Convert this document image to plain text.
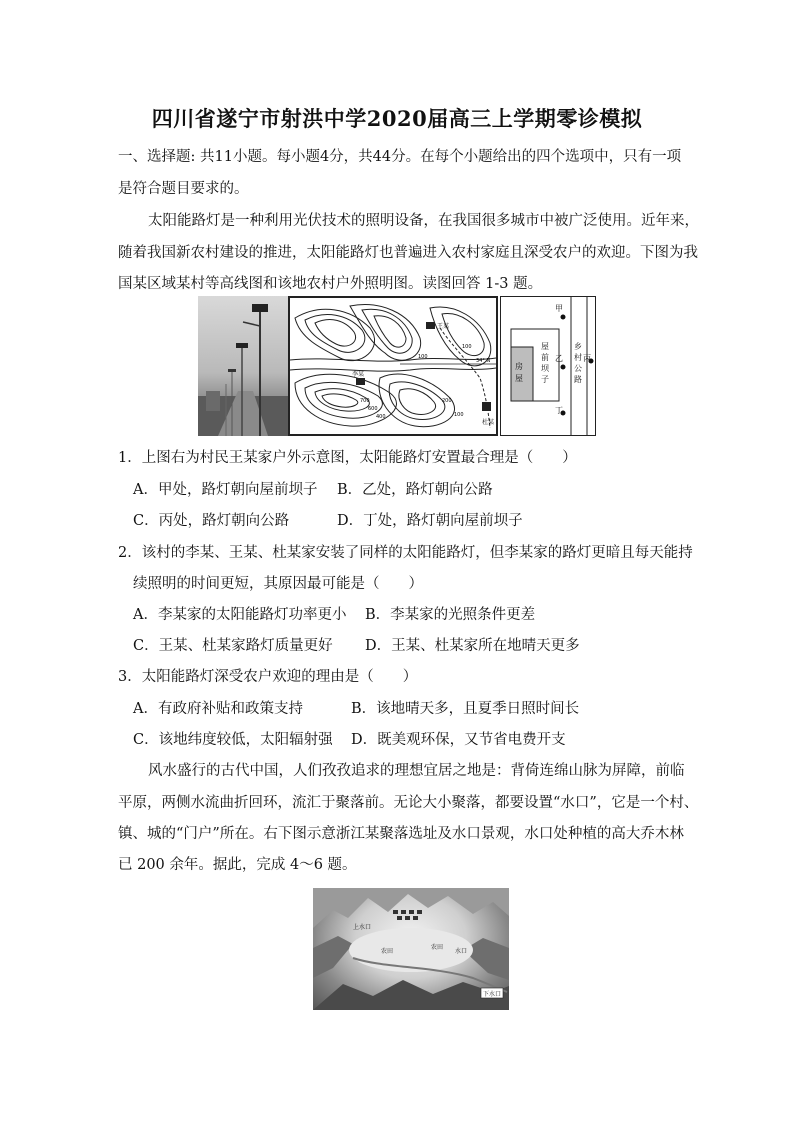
四川省遂宁市射洪中学2020届高三上学期零诊模拟
一、选择题: 共11小题。每小题4分，共44分。在每个小题给出的四个选项中，只有一项
是符合题目要求的。
太阳能路灯是一种利用光伏技术的照明设备，在我国很多城市中被广泛使用。近年来，
随着我国新农村建设的推进，太阳能路灯也普遍进入农村家庭且深受农户的欢迎。下图为我
国某区域某村等高线图和该地农村户外照明图。读图回答 1-3 题。
王某
李某
杜某
100
100
700
600
400
200
100
34° N
甲
乙	丙
丁
房屋
屋前坝子
乡村公路
1．上图右为村民王某家户外示意图，太阳能路灯安置最合理是（　　）
A．甲处，路灯朝向屋前坝子 B．乙处，路灯朝向公路
C．丙处，路灯朝向公路	D．丁处，路灯朝向屋前坝子
2．该村的李某、王某、杜某家安装了同样的太阳能路灯，但李某家的路灯更暗且每天能持
续照明的时间更短，其原因最可能是（　　）
A．李某家的太阳能路灯功率更小 B．李某家的光照条件更差
C．王某、杜某家路灯质量更好 D．王某、杜某家所在地晴天更多
3．太阳能路灯深受农户欢迎的理由是（　　）
A．有政府补贴和政策支持	B．该地晴天多，且夏季日照时间长
C．该地纬度较低，太阳辐射强 D．既美观环保，又节省电费开支
风水盛行的古代中国，人们孜孜追求的理想宜居之地是：背倚连绵山脉为屏障，前临
平原，两侧水流曲折回环，流汇于聚落前。无论大小聚落，都要设置“水口”，它是一个村、
镇、城的“门户”所在。右下图示意浙江某聚落选址及水口景观，水口处种植的高大乔木林
已 200 余年。据此，完成 4～6 题。
上水口
农田
农田
水口
下水口
